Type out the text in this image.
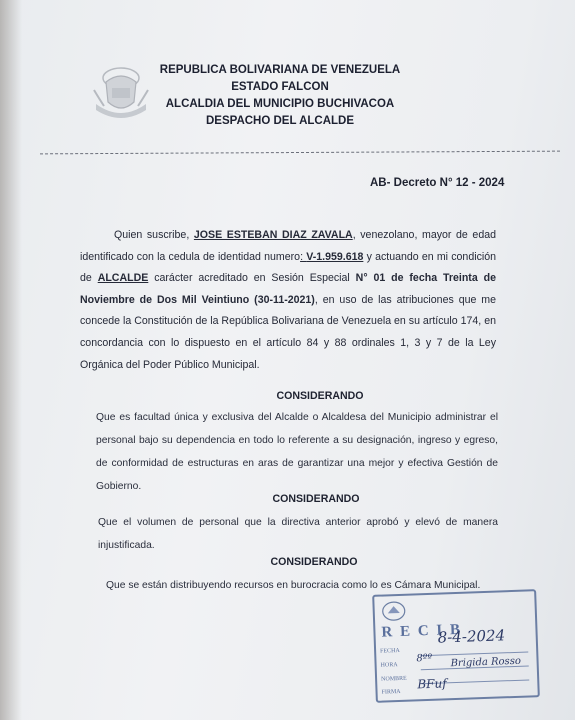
REPUBLICA BOLIVARIANA DE VENEZUELA
ESTADO FALCON
ALCALDIA DEL MUNICIPIO BUCHIVACOA
DESPACHO DEL ALCALDE
AB- Decreto N° 12 - 2024
Quien suscribe, JOSE ESTEBAN DIAZ ZAVALA, venezolano, mayor de edad identificado con la cedula de identidad numero: V-1.959.618 y actuando en mi condición de ALCALDE carácter acreditado en Sesión Especial N° 01 de fecha Treinta de Noviembre de Dos Mil Veintiuno (30-11-2021), en uso de las atribuciones que me concede la Constitución de la República Bolivariana de Venezuela en su artículo 174, en concordancia con lo dispuesto en el artículo 84 y 88 ordinales 1, 3 y 7 de la Ley Orgánica del Poder Público Municipal.
CONSIDERANDO
Que es facultad única y exclusiva del Alcalde o Alcaldesa del Municipio administrar el personal bajo su dependencia en todo lo referente a su designación, ingreso y egreso, de conformidad de estructuras en aras de garantizar una mejor y efectiva Gestión de Gobierno.
CONSIDERANDO
Que el volumen de personal que la directiva anterior aprobó y elevó de manera injustificada.
CONSIDERANDO
Que se están distribuyendo recursos en burocracia como lo es Cámara Municipal.
R E C I B
FECHA
HORA
NOMBRE
FIRMA
8-4-2024
8ºº Brigida Rosso
BFuf
